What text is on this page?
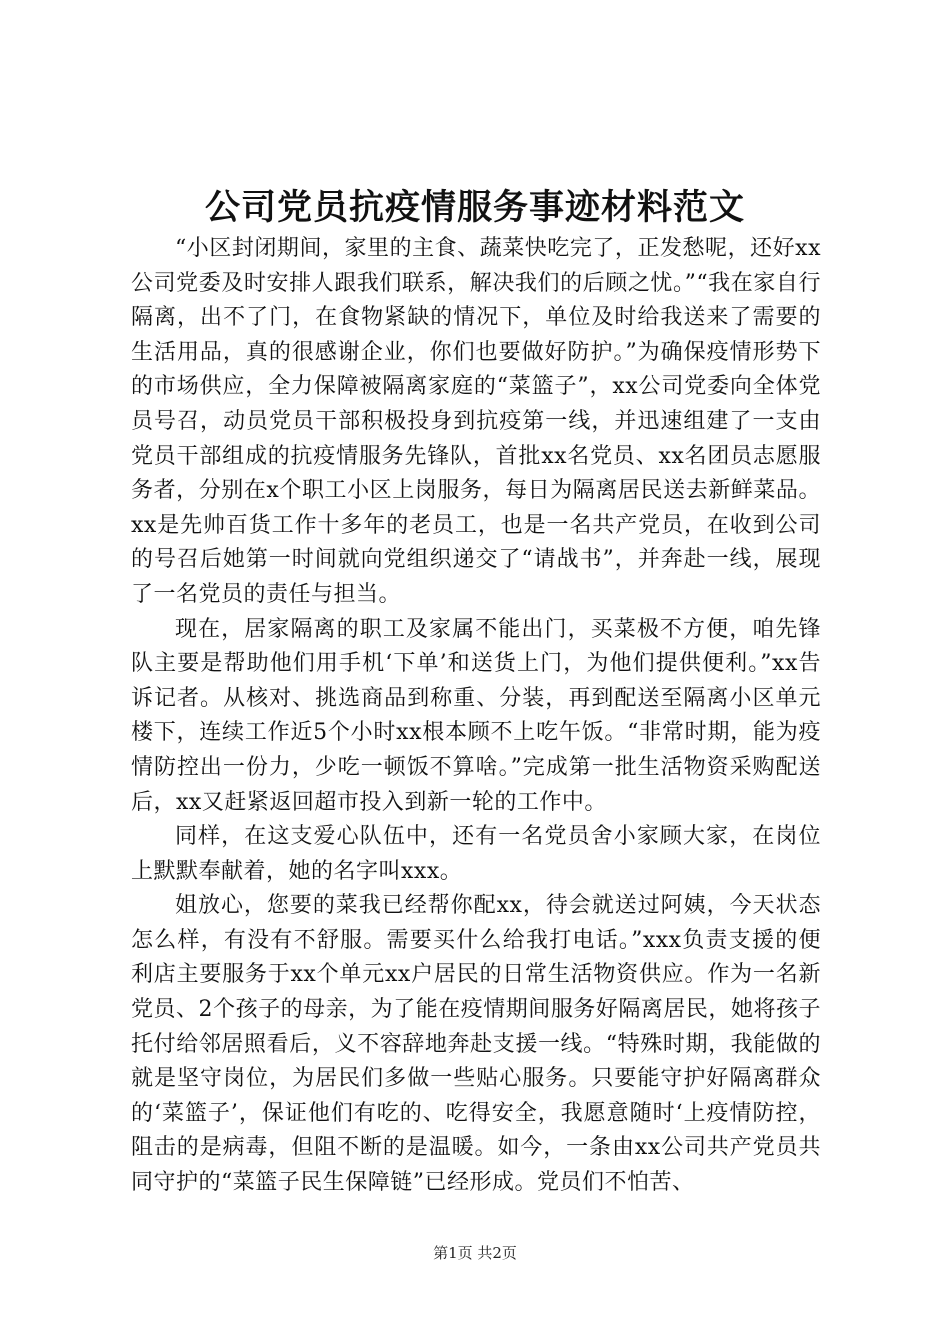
公司党员抗疫情服务事迹材料范文

“小区封闭期间，家里的主食、蔬菜快吃完了，正发愁呢，还好xx公司党委及时安排人跟我们联系，解决我们的后顾之忧。”“我在家自行隔离，出不了门，在食物紧缺的情况下，单位及时给我送来了需要的生活用品，真的很感谢企业，你们也要做好防护。”为确保疫情形势下的市场供应，全力保障被隔离家庭的“菜篮子”，xx公司党委向全体党员号召，动员党员干部积极投身到抗疫第一线，并迅速组建了一支由党员干部组成的抗疫情服务先锋队，首批xx名党员、xx名团员志愿服务者，分别在x个职工小区上岗服务，每日为隔离居民送去新鲜菜品。xx是先帅百货工作十多年的老员工，也是一名共产党员，在收到公司的号召后她第一时间就向党组织递交了“请战书”，并奔赴一线，展现了一名党员的责任与担当。

现在，居家隔离的职工及家属不能出门，买菜极不方便，咱先锋队主要是帮助他们用手机‘下单’和送货上门，为他们提供便利。”xx告诉记者。从核对、挑选商品到称重、分装，再到配送至隔离小区单元楼下，连续工作近5个小时xx根本顾不上吃午饭。“非常时期，能为疫情防控出一份力，少吃一顿饭不算啥。”完成第一批生活物资采购配送后，xx又赶紧返回超市投入到新一轮的工作中。

同样，在这支爱心队伍中，还有一名党员舍小家顾大家，在岗位上默默奉献着，她的名字叫xxx。

姐放心，您要的菜我已经帮你配xx，待会就送过阿姨，今天状态怎么样，有没有不舒服。需要买什么给我打电话。”xxx负责支援的便利店主要服务于xx个单元xx户居民的日常生活物资供应。作为一名新党员、2个孩子的母亲，为了能在疫情期间服务好隔离居民，她将孩子托付给邻居照看后，义不容辞地奔赴支援一线。“特殊时期，我能做的就是坚守岗位，为居民们多做一些贴心服务。只要能守护好隔离群众的‘菜篮子’，保证他们有吃的、吃得安全，我愿意随时‘上疫情防控，阻击的是病毒，但阻不断的是温暖。如今，一条由xx公司共产党员共同守护的“菜篮子民生保障链”已经形成。党员们不怕苦、

第1页 共2页
